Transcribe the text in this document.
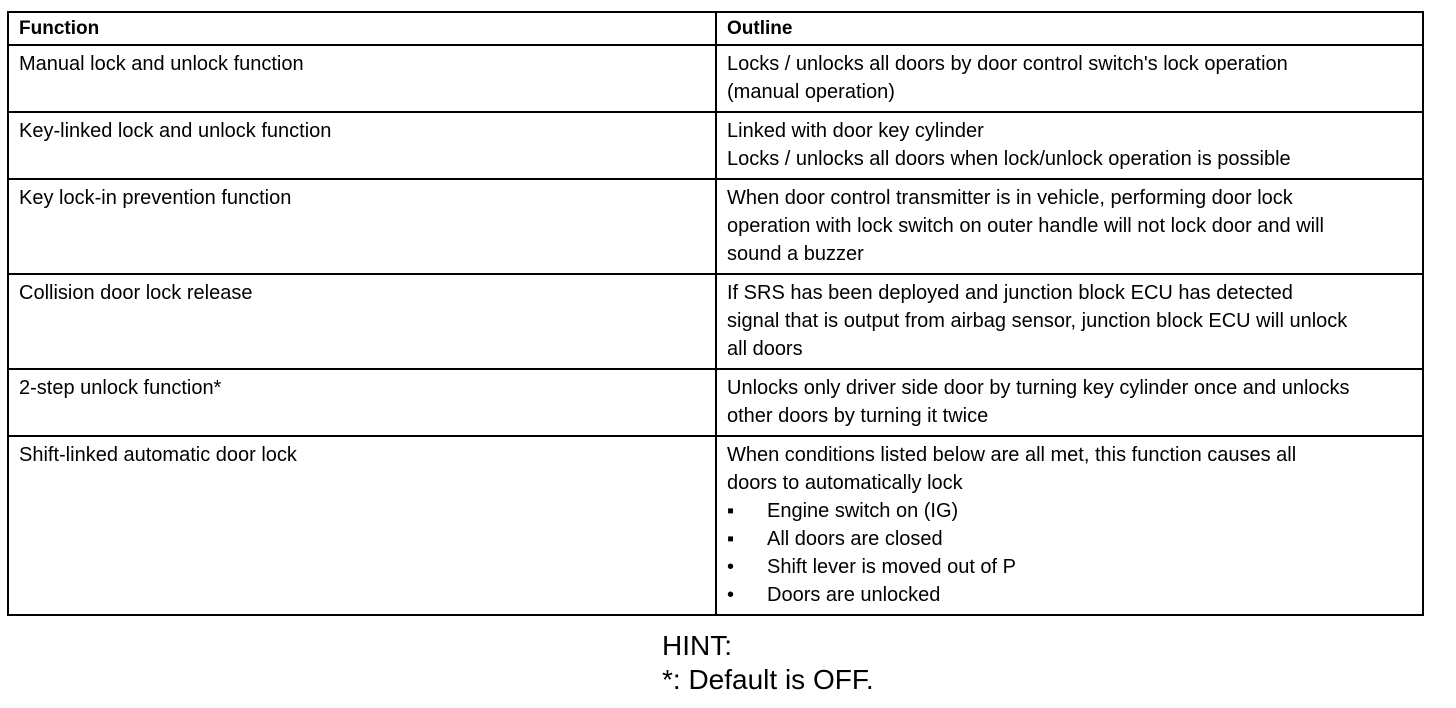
Function	Outline
Manual lock and unlock function	Locks / unlocks all doors by door control switch's lock operation
(manual operation)
Key-linked lock and unlock function	Linked with door key cylinder
Locks / unlocks all doors when lock/unlock operation is possible
Key lock-in prevention function	When door control transmitter is in vehicle, performing door lock
operation with lock switch on outer handle will not lock door and will
sound a buzzer
Collision door lock release	If SRS has been deployed and junction block ECU has detected
signal that is output from airbag sensor, junction block ECU will unlock
all doors
2-step unlock function*	Unlocks only driver side door by turning key cylinder once and unlocks
other doors by turning it twice
Shift-linked automatic door lock	When conditions listed below are all met, this function causes all
doors to automatically lock
▪	Engine switch on (IG)
▪	All doors are closed
•	Shift lever is moved out of P
•	Doors are unlocked
HINT:
*: Default is OFF.
